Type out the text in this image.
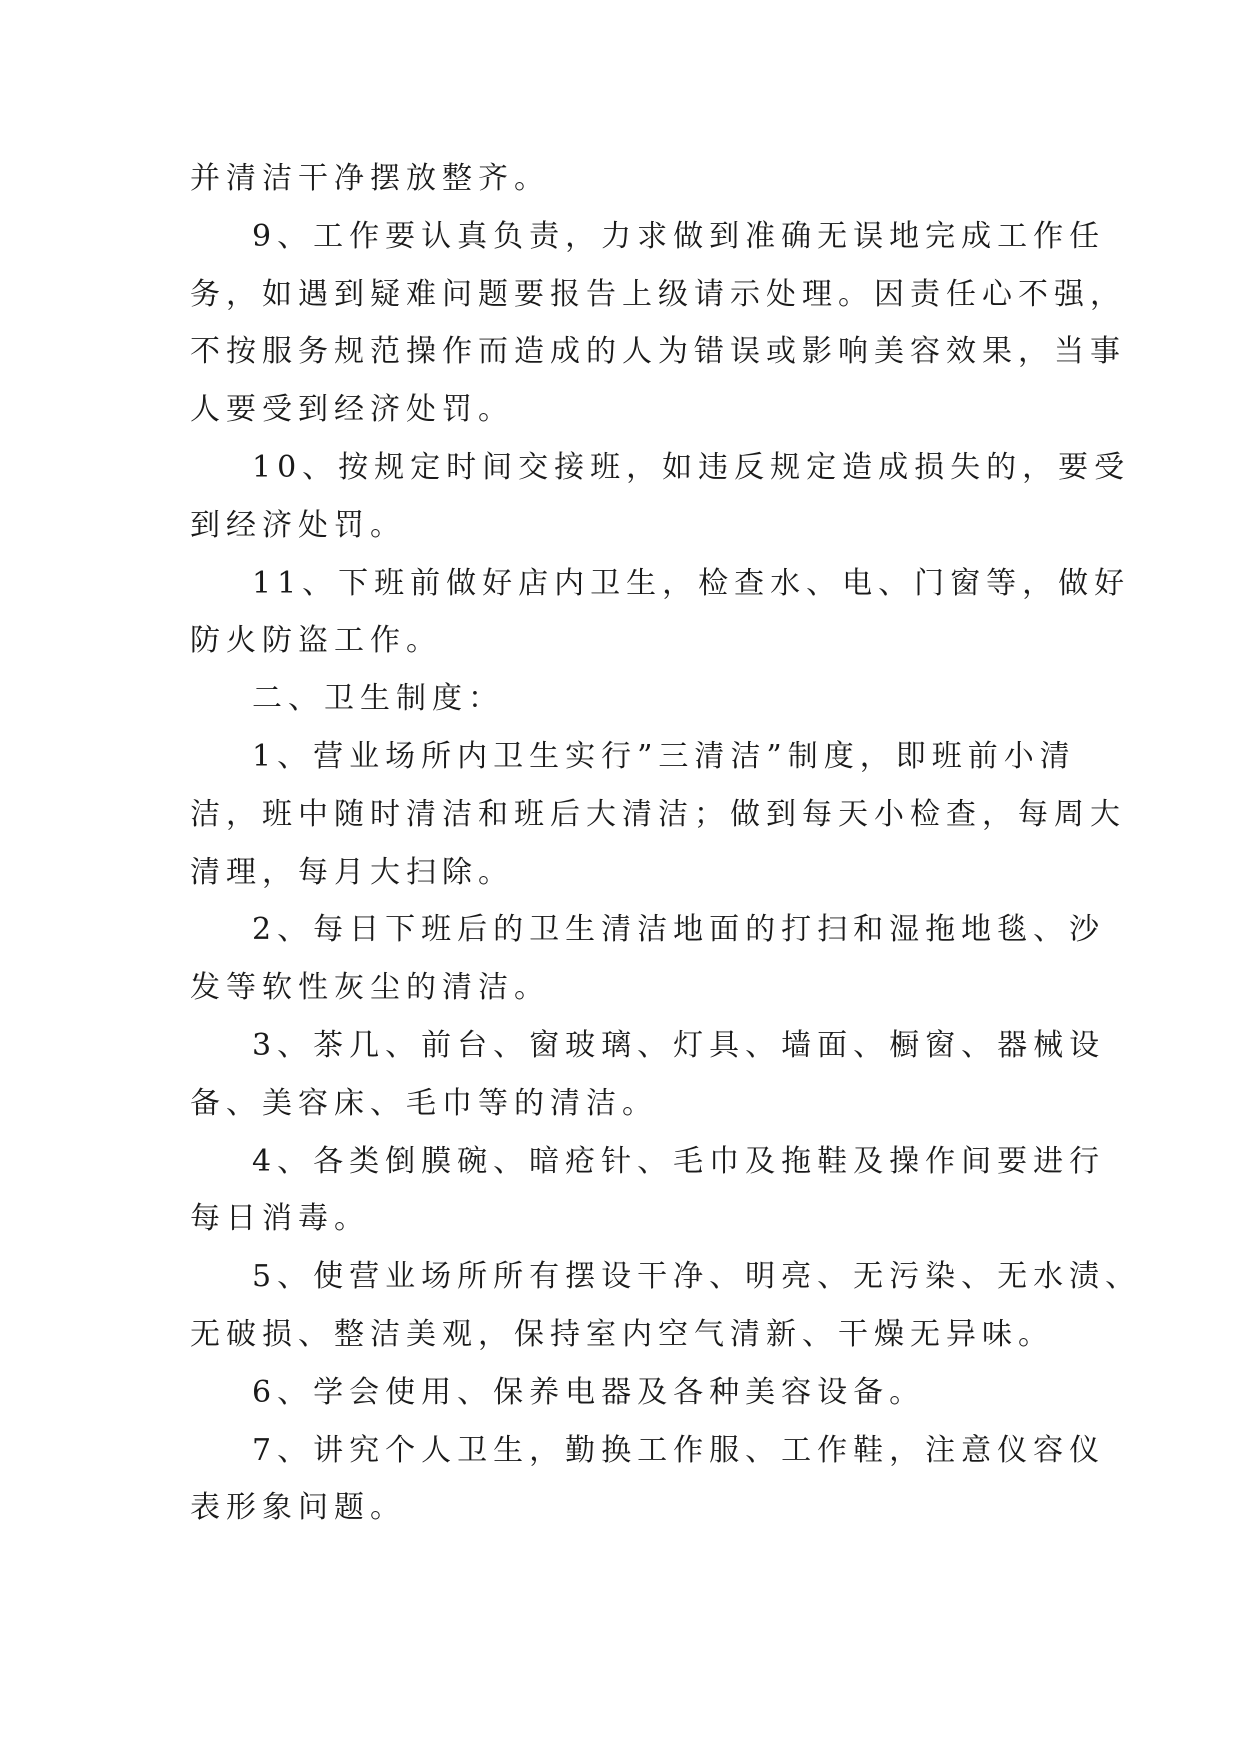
并清洁干净摆放整齐。
9、工作要认真负责，力求做到准确无误地完成工作任
务，如遇到疑难问题要报告上级请示处理。因责任心不强，
不按服务规范操作而造成的人为错误或影响美容效果，当事
人要受到经济处罚。
10、按规定时间交接班，如违反规定造成损失的，要受
到经济处罚。
11、下班前做好店内卫生，检查水、电、门窗等，做好
防火防盗工作。
二、卫生制度：
1、营业场所内卫生实行”三清洁”制度，即班前小清
洁，班中随时清洁和班后大清洁；做到每天小检查，每周大
清理，每月大扫除。
2、每日下班后的卫生清洁地面的打扫和湿拖地毯、沙
发等软性灰尘的清洁。
3、茶几、前台、窗玻璃、灯具、墙面、橱窗、器械设
备、美容床、毛巾等的清洁。
4、各类倒膜碗、暗疮针、毛巾及拖鞋及操作间要进行
每日消毒。
5、使营业场所所有摆设干净、明亮、无污染、无水渍、
无破损、整洁美观，保持室内空气清新、干燥无异味。
6、学会使用、保养电器及各种美容设备。
7、讲究个人卫生，勤换工作服、工作鞋，注意仪容仪
表形象问题。
